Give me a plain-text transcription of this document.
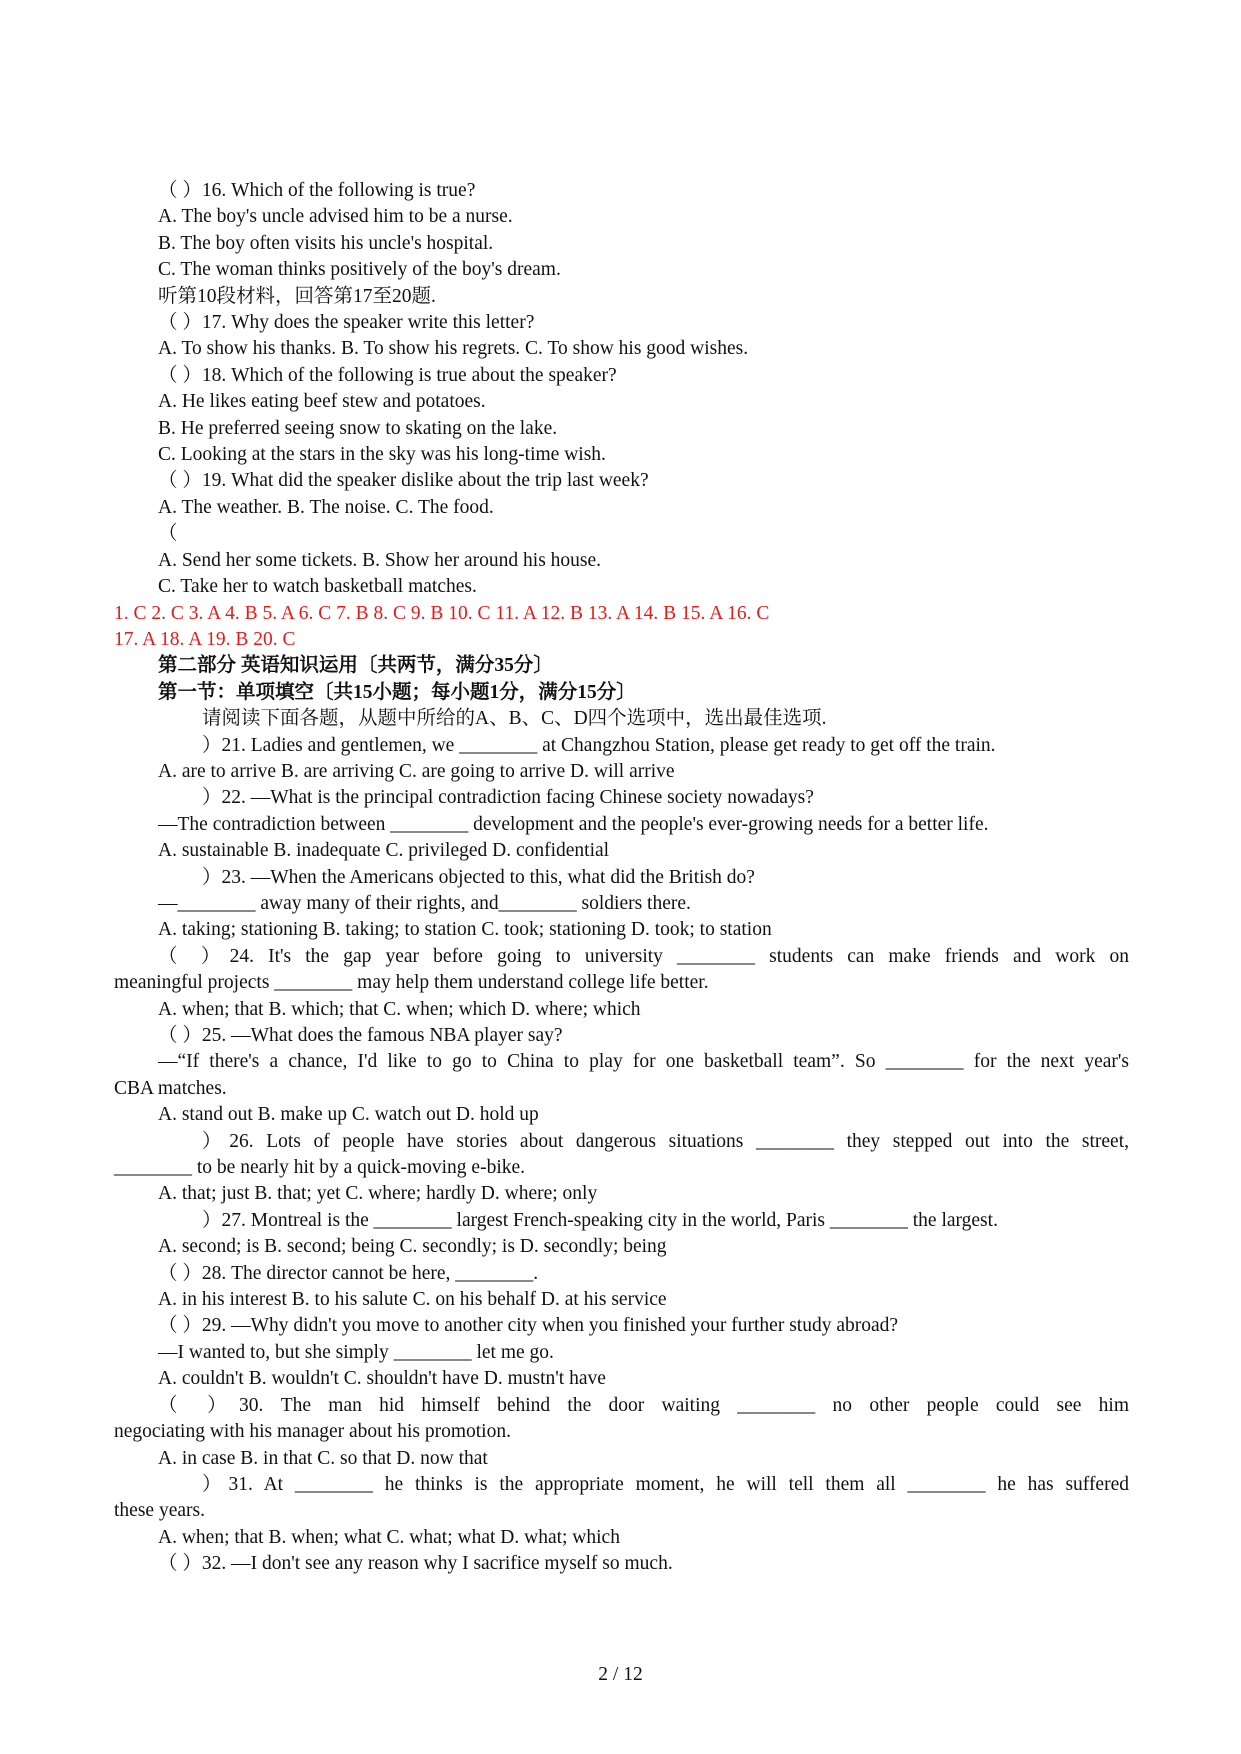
（ ）16. Which of the following is true?
A. The boy's uncle advised him to be a nurse.
B. The boy often visits his uncle's hospital.
C. The woman thinks positively of the boy's dream.
听第10段材料，回答第17至20题.
（ ）17. Why does the speaker write this letter?
A. To show his thanks. B. To show his regrets. C. To show his good wishes.
（ ）18. Which of the following is true about the speaker?
A. He likes eating beef stew and potatoes.
B. He preferred seeing snow to skating on the lake.
C. Looking at the stars in the sky was his long-time wish.
（ ）19. What did the speaker dislike about the trip last week?
A. The weather. B. The noise. C. The food.
（
A. Send her some tickets. B. Show her around his house.
C. Take her to watch basketball matches.
1. C 2. C 3. A 4. B 5. A 6. C 7. B 8. C 9. B 10. C 11. A 12. B 13. A 14. B 15. A 16. C
17. A 18. A 19. B 20. C
第二部分 英语知识运用〔共两节，满分35分〕
第一节：单项填空〔共15小题；每小题1分，满分15分〕
请阅读下面各题，从题中所给的A、B、C、D四个选项中，选出最佳选项.
）21. Ladies and gentlemen, we ________ at Changzhou Station, please get ready to get off the train.
A. are to arrive B. are arriving C. are going to arrive D. will arrive
）22. —What is the principal contradiction facing Chinese society nowadays?
—The contradiction between ________ development and the people's ever-growing needs for a better life.
A. sustainable B. inadequate C. privileged D. confidential
）23. —When the Americans objected to this, what did the British do?
—________ away many of their rights, and________ soldiers there.
A. taking; stationing B. taking; to station C. took; stationing D. took; to station
（ ）24. It's the gap year before going to university ________ students can make friends and work on
meaningful projects ________ may help them understand college life better.
A. when; that B. which; that C. when; which D. where; which
（ ）25. —What does the famous NBA player say?
—“If there's a chance, I'd like to go to China to play for one basketball team”. So ________ for the next year's
CBA matches.
A. stand out B. make up C. watch out D. hold up
）26. Lots of people have stories about dangerous situations ________ they stepped out into the street,
________ to be nearly hit by a quick-moving e-bike.
A. that; just B. that; yet C. where; hardly D. where; only
）27. Montreal is the ________ largest French-speaking city in the world, Paris ________ the largest.
A. second; is B. second; being C. secondly; is D. secondly; being
（ ）28. The director cannot be here, ________.
A. in his interest B. to his salute C. on his behalf D. at his service
（ ）29. —Why didn't you move to another city when you finished your further study abroad?
—I wanted to, but she simply ________ let me go.
A. couldn't B. wouldn't C. shouldn't have D. mustn't have
（ ）30. The man hid himself behind the door waiting ________ no other people could see him
negociating with his manager about his promotion.
A. in case B. in that C. so that D. now that
）31. At ________ he thinks is the appropriate moment, he will tell them all ________ he has suffered
these years.
A. when; that B. when; what C. what; what D. what; which
（ ）32. —I don't see any reason why I sacrifice myself so much.
2 / 12
